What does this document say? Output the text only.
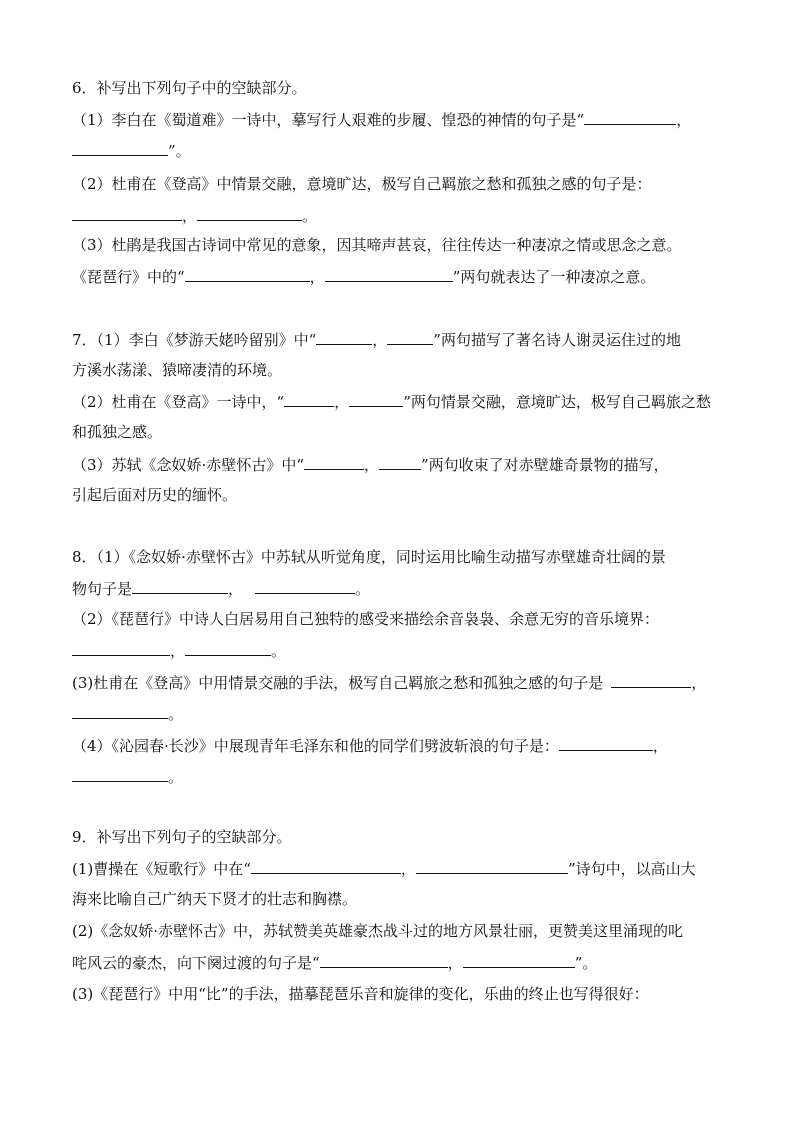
6．补写出下列句子中的空缺部分。
（1）李白在《蜀道难》一诗中，摹写行人艰难的步履、惶恐的神情的句子是“	，
”。
（2）杜甫在《登高》中情景交融，意境旷达，极写自己羁旅之愁和孤独之感的句子是：
，	。
（3）杜鹃是我国古诗词中常见的意象，因其啼声甚哀，往往传达一种凄凉之情或思念之意。
《琵琶行》中的“	，	”两句就表达了一种凄凉之意。
7．（1）李白《梦游天姥吟留别》中“	，	”两句描写了著名诗人谢灵运住过的地
方溪水荡漾、猿啼凄清的环境。
（2）杜甫在《登高》一诗中，“	，	”两句情景交融，意境旷达，极写自己羁旅之愁
和孤独之感。
（3）苏轼《念奴娇·赤壁怀古》中“	，	”两句收束了对赤壁雄奇景物的描写，
引起后面对历史的缅怀。
8．（1）《念奴娇·赤壁怀古》中苏轼从听觉角度，同时运用比喻生动描写赤壁雄奇壮阔的景
物句子是	，	。
（2）《琵琶行》中诗人白居易用自己独特的感受来描绘余音袅袅、余意无穷的音乐境界：
，	。
(3)杜甫在《登高》中用情景交融的手法，极写自己羁旅之愁和孤独之感的句子是	，
。
（4）《沁园春·长沙》中展现青年毛泽东和他的同学们劈波斩浪的句子是：	，
。
9．补写出下列句子的空缺部分。
(1)曹操在《短歌行》中在“	，	”诗句中，以高山大
海来比喻自己广纳天下贤才的壮志和胸襟。
(2)《念奴娇·赤壁怀古》中，苏轼赞美英雄豪杰战斗过的地方风景壮丽，更赞美这里涌现的叱
咤风云的豪杰，向下阕过渡的句子是“	，	”。
(3)《琵琶行》中用“比”的手法，描摹琵琶乐音和旋律的变化，乐曲的终止也写得很好：
